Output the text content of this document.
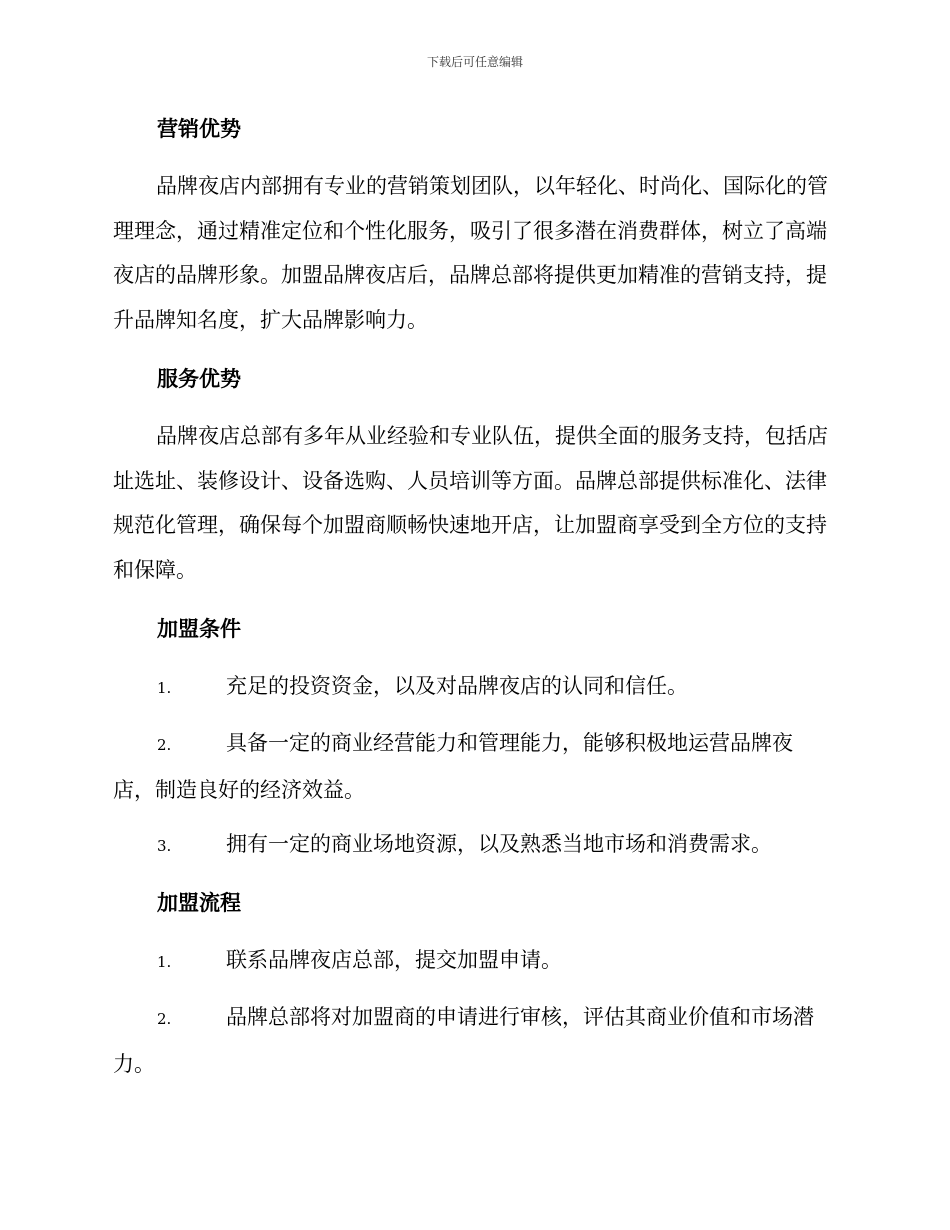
下载后可任意编辑
营销优势

品牌夜店内部拥有专业的营销策划团队，以年轻化、时尚化、国际化的管理理念，通过精准定位和个性化服务，吸引了很多潜在消费群体，树立了高端夜店的品牌形象。加盟品牌夜店后，品牌总部将提供更加精准的营销支持，提升品牌知名度，扩大品牌影响力。

服务优势

品牌夜店总部有多年从业经验和专业队伍，提供全面的服务支持，包括店址选址、装修设计、设备选购、人员培训等方面。品牌总部提供标准化、法律规范化管理，确保每个加盟商顺畅快速地开店，让加盟商享受到全方位的支持和保障。

加盟条件

1.	充足的投资资金，以及对品牌夜店的认同和信任。

2.	具备一定的商业经营能力和管理能力，能够积极地运营品牌夜店，制造良好的经济效益。

3.	拥有一定的商业场地资源，以及熟悉当地市场和消费需求。

加盟流程

1.	联系品牌夜店总部，提交加盟申请。

2.	品牌总部将对加盟商的申请进行审核，评估其商业价值和市场潜力。
